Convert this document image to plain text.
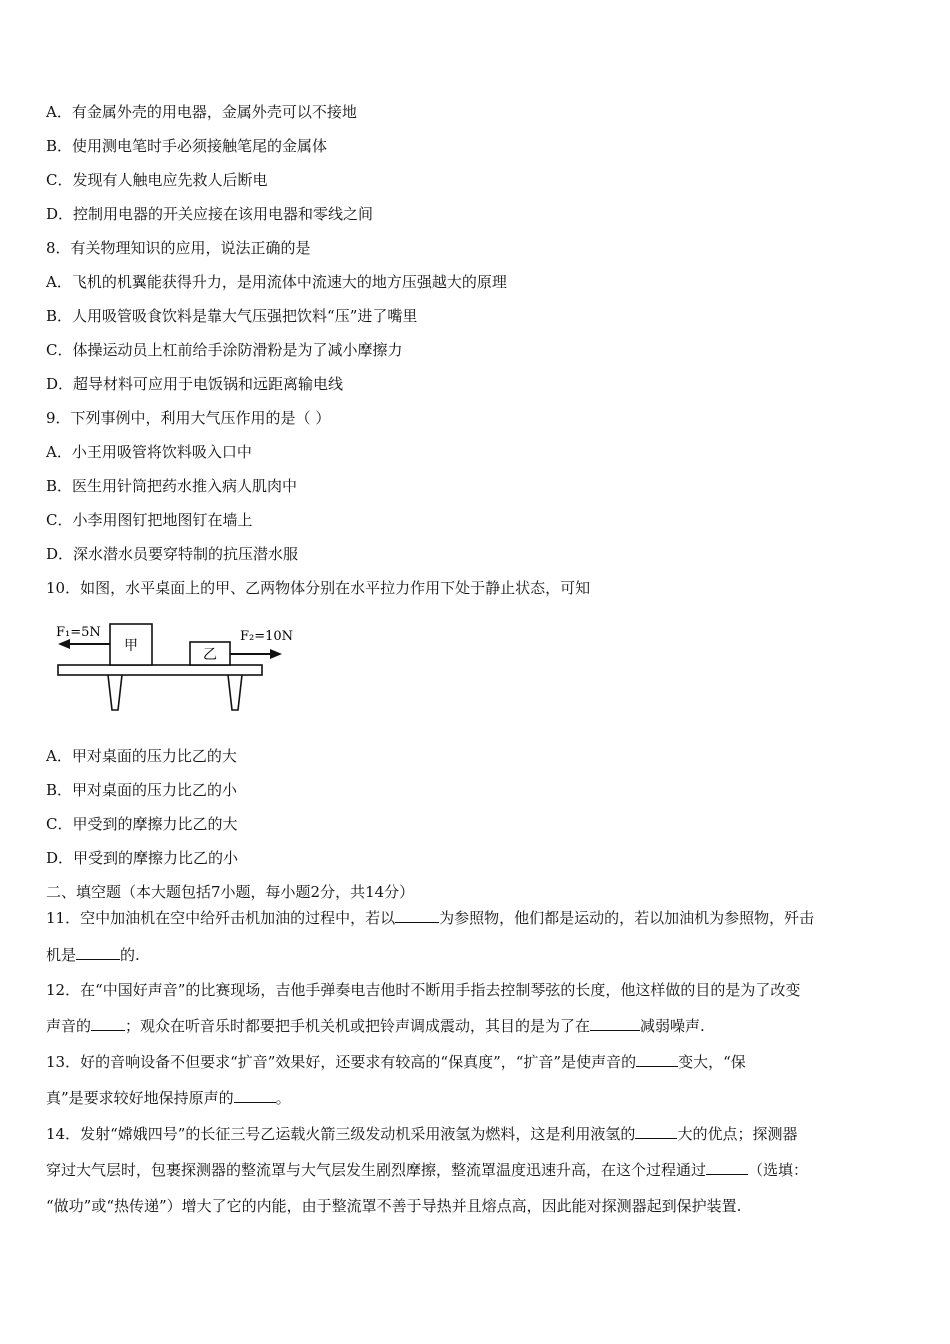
A．有金属外壳的用电器，金属外壳可以不接地
B．使用测电笔时手必须接触笔尾的金属体
C．发现有人触电应先救人后断电
D．控制用电器的开关应接在该用电器和零线之间
8．有关物理知识的应用，说法正确的是
A．飞机的机翼能获得升力，是用流体中流速大的地方压强越大的原理
B．人用吸管吸食饮料是靠大气压强把饮料“压”进了嘴里
C．体操运动员上杠前给手涂防滑粉是为了减小摩擦力
D．超导材料可应用于电饭锅和远距离输电线
9．下列事例中，利用大气压作用的是（ ）
A．小王用吸管将饮料吸入口中
B．医生用针筒把药水推入病人肌肉中
C．小李用图钉把地图钉在墙上
D．深水潜水员要穿特制的抗压潜水服
10．如图，水平桌面上的甲、乙两物体分别在水平拉力作用下处于静止状态，可知
甲
乙
F₁=5N	F₂=10N
A．甲对桌面的压力比乙的大
B．甲对桌面的压力比乙的小
C．甲受到的摩擦力比乙的大
D．甲受到的摩擦力比乙的小
二、填空题（本大题包括7小题，每小题2分，共14分）
11．空中加油机在空中给歼击机加油的过程中，若以	为参照物，他们都是运动的，若以加油机为参照物，歼击
机是	的.
12．在“中国好声音”的比赛现场，吉他手弹奏电吉他时不断用手指去控制琴弦的长度，他这样做的目的是为了改变
声音的 ；观众在听音乐时都要把手机关机或把铃声调成震动，其目的是为了在	减弱噪声.
13．好的音响设备不但要求“扩音”效果好，还要求有较高的“保真度”，“扩音”是使声音的	变大，“保
真”是要求较好地保持原声的	。
14．发射“嫦娥四号”的长征三号乙运载火箭三级发动机采用液氢为燃料，这是利用液氢的	大的优点；探测器
穿过大气层时，包裹探测器的整流罩与大气层发生剧烈摩擦，整流罩温度迅速升高，在这个过程通过	（选填：
“做功”或“热传递”）增大了它的内能，由于整流罩不善于导热并且熔点高，因此能对探测器起到保护装置.
